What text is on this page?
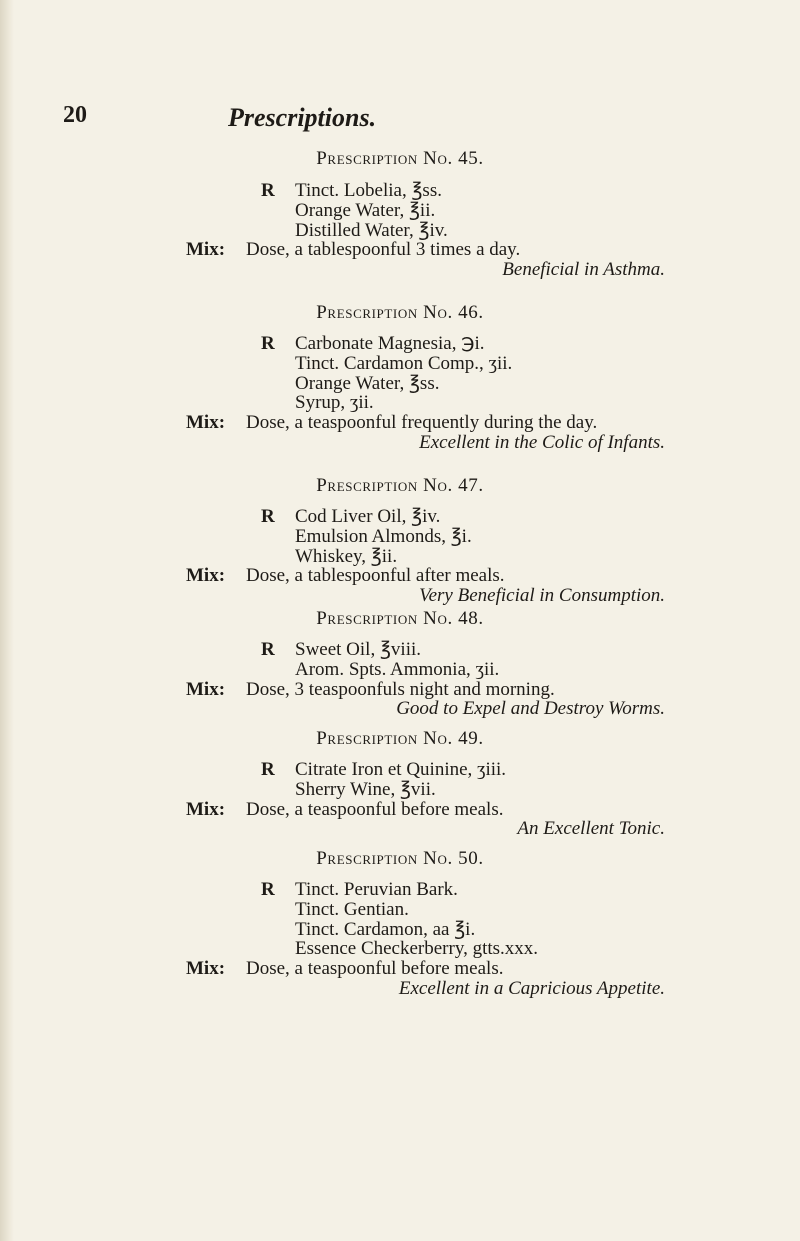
20	Prescriptions.
Prescription No. 45.
R Tinct. Lobelia, ℥ss.
Orange Water, ℥ii.
Distilled Water, ℥iv.
Mix: Dose, a tablespoonful 3 times a day.
Beneficial in Asthma.
Prescription No. 46.
R Carbonate Magnesia, ℈i.
Tinct. Cardamon Comp., ʒii.
Orange Water, ℥ss.
Syrup, ʒii.
Mix: Dose, a teaspoonful frequently during the day.
Excellent in the Colic of Infants.
Prescription No. 47.
R Cod Liver Oil, ℥iv.
Emulsion Almonds, ℥i.
Whiskey, ℥ii.
Mix: Dose, a tablespoonful after meals.
Very Beneficial in Consumption.
Prescription No. 48.
R Sweet Oil, ℥viii.
Arom. Spts. Ammonia, ʒii.
Mix: Dose, 3 teaspoonfuls night and morning.
Good to Expel and Destroy Worms.
Prescription No. 49.
R Citrate Iron et Quinine, ʒiii.
Sherry Wine, ℥vii.
Mix: Dose, a teaspoonful before meals.
An Excellent Tonic.
Prescription No. 50.
R Tinct. Peruvian Bark.
Tinct. Gentian.
Tinct. Cardamon, aa ℥i.
Essence Checkerberry, gtts.xxx.
Mix: Dose, a teaspoonful before meals.
Excellent in a Capricious Appetite.
